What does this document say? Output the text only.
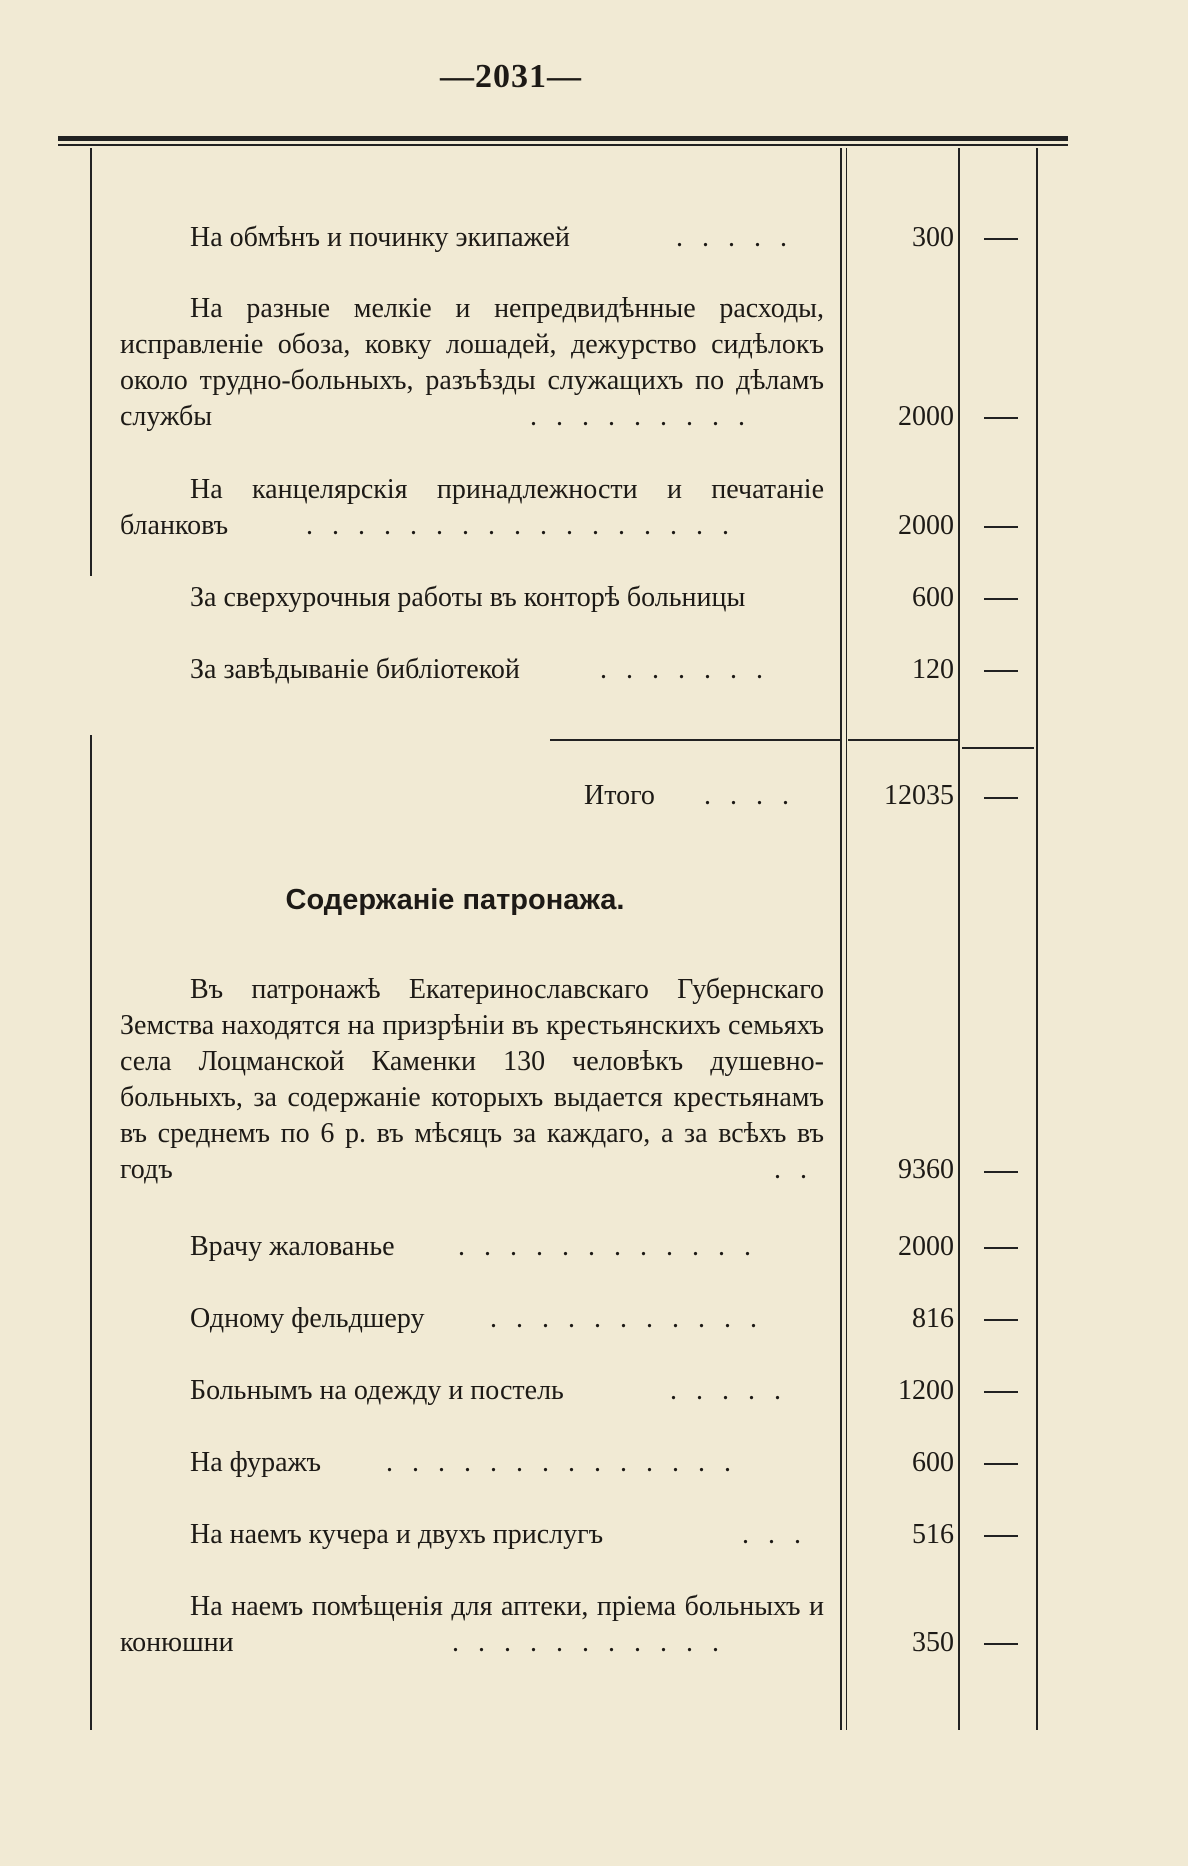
—2031—
На обмѣнъ и починку экипажей	. . . . .	300
На разные мелкіе и непредвидѣнные расходы, исправленіе обоза, ковку лошадей, дежурство сидѣлокъ около трудно-больныхъ, разъѣзды служащихъ по дѣламъ службы	. . . . . . . . .	2000
На канцелярскія принадлежности и печатаніе бланковъ	. . . . . . . . . . . . . . . . .	2000
За сверхурочныя работы въ конторѣ больницы	600
За завѣдываніе библіотекой	. . . . . . .	120
Итого . . . .	12035
Содержаніе патронажа.
Въ патронажѣ Екатеринославскаго Губернскаго Земства находятся на призрѣніи въ крестьянскихъ семьяхъ села Лоцманской Каменки 130 человѣкъ душевно-больныхъ, за содержаніе которыхъ выдается крестьянамъ въ среднемъ по 6 р. въ мѣсяцъ за каждаго, а за всѣхъ въ годъ	. .	9360
Врачу жалованье . . . . . . . . . . . .	2000
Одному фельдшеру . . . . . . . . . . .	816
Больнымъ на одежду и постель	. . . . .	1200
На фуражъ . . . . . . . . . . . . . .	600
На наемъ кучера и двухъ прислугъ	. . .	516
На наемъ помѣщенія для аптеки, пріема больныхъ и конюшни	. . . . . . . . . . .	350
